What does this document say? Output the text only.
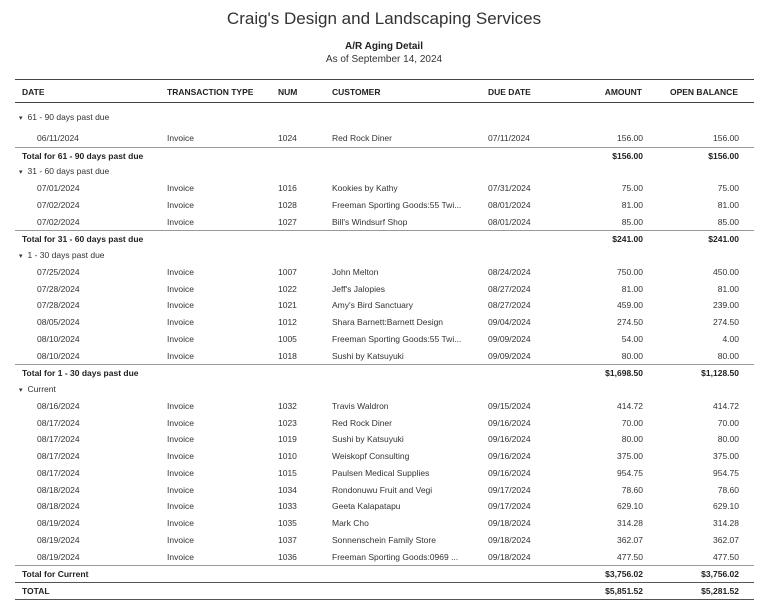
Craig's Design and Landscaping Services
A/R Aging Detail
As of September 14, 2024
DATE	TRANSACTION TYPE	NUM	CUSTOMER	DUE DATE	AMOUNT	OPEN BALANCE
▾ 61 - 90 days past due
06/11/2024	Invoice	1024	Red Rock Diner	07/11/2024	156.00	156.00
Total for 61 - 90 days past due	$156.00	$156.00
▾ 31 - 60 days past due
07/01/2024	Invoice	1016	Kookies by Kathy	07/31/2024	75.00	75.00
07/02/2024	Invoice	1028	Freeman Sporting Goods:55 Twi...	08/01/2024	81.00	81.00
07/02/2024	Invoice	1027	Bill's Windsurf Shop	08/01/2024	85.00	85.00
Total for 31 - 60 days past due	$241.00	$241.00
▾ 1 - 30 days past due
07/25/2024	Invoice	1007	John Melton	08/24/2024	750.00	450.00
07/28/2024	Invoice	1022	Jeff's Jalopies	08/27/2024	81.00	81.00
07/28/2024	Invoice	1021	Amy's Bird Sanctuary	08/27/2024	459.00	239.00
08/05/2024	Invoice	1012	Shara Barnett:Barnett Design	09/04/2024	274.50	274.50
08/10/2024	Invoice	1005	Freeman Sporting Goods:55 Twi...	09/09/2024	54.00	4.00
08/10/2024	Invoice	1018	Sushi by Katsuyuki	09/09/2024	80.00	80.00
Total for 1 - 30 days past due	$1,698.50	$1,128.50
▾ Current
08/16/2024	Invoice	1032	Travis Waldron	09/15/2024	414.72	414.72
08/17/2024	Invoice	1023	Red Rock Diner	09/16/2024	70.00	70.00
08/17/2024	Invoice	1019	Sushi by Katsuyuki	09/16/2024	80.00	80.00
08/17/2024	Invoice	1010	Weiskopf Consulting	09/16/2024	375.00	375.00
08/17/2024	Invoice	1015	Paulsen Medical Supplies	09/16/2024	954.75	954.75
08/18/2024	Invoice	1034	Rondonuwu Fruit and Vegi	09/17/2024	78.60	78.60
08/18/2024	Invoice	1033	Geeta Kalapatapu	09/17/2024	629.10	629.10
08/19/2024	Invoice	1035	Mark Cho	09/18/2024	314.28	314.28
08/19/2024	Invoice	1037	Sonnenschein Family Store	09/18/2024	362.07	362.07
08/19/2024	Invoice	1036	Freeman Sporting Goods:0969 ...	09/18/2024	477.50	477.50
Total for Current	$3,756.02	$3,756.02
TOTAL	$5,851.52	$5,281.52
